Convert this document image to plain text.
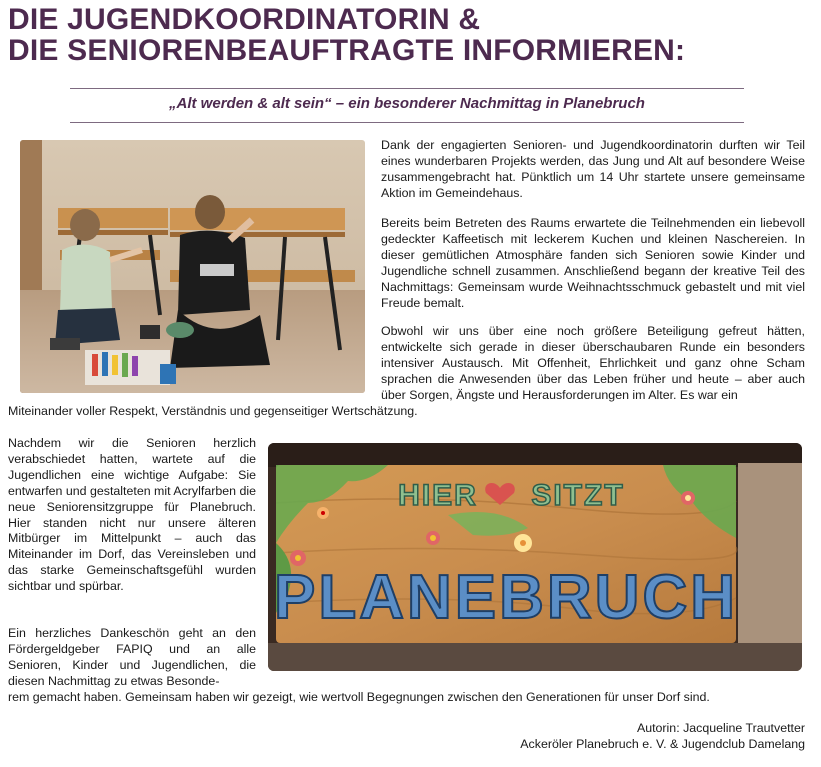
DIE JUGENDKOORDINATORIN &
DIE SENIORENBEAUFTRAGTE INFORMIEREN:
„Alt werden & alt sein“ – ein besonderer Nachmittag in Planebruch
Dank der engagierten Senioren- und Jugendkoordinatorin durften wir Teil eines wunderbaren Projekts werden, das Jung und Alt auf besondere Weise zusammengebracht hat. Pünktlich um 14 Uhr startete unsere gemeinsame Aktion im Gemeindehaus.
Bereits beim Betreten des Raums erwartete die Teilnehmenden ein liebevoll gedeckter Kaffeetisch mit leckerem Kuchen und kleinen Naschereien. In dieser gemütlichen Atmosphäre fanden sich Senioren sowie Kinder und Jugendliche schnell zusammen. Anschließend begann der kreative Teil des Nachmittags: Gemeinsam wurde Weihnachtsschmuck gebastelt und mit viel Freude bemalt.
Obwohl wir uns über eine noch größere Beteiligung gefreut hätten, entwickelte sich gerade in dieser überschaubaren Runde ein besonders intensiver Austausch. Mit Offenheit, Ehrlichkeit und ganz ohne Scham sprachen die Anwesenden über das Leben früher und heute – aber auch über Sorgen, Ängste und Herausforderungen im Alter. Es war ein
Miteinander voller Respekt, Verständnis und gegenseitiger Wertschätzung.
Nachdem wir die Senioren herzlich verabschiedet hatten, wartete auf die Jugendlichen eine wichtige Aufgabe: Sie entwarfen und gestalteten mit Acrylfarben die neue Seniorensitzgruppe für Planebruch. Hier standen nicht nur unsere älteren Mitbürger im Mittelpunkt – auch das Miteinander im Dorf, das Vereinsleben und das starke Gemeinschaftsgefühl wurden sichtbar und spürbar.
HIER SITZT
PLANEBRUCH
Ein herzliches Dankeschön geht an den Fördergeldgeber FAPIQ und an alle Senioren, Kinder und Jugendlichen, die diesen Nachmittag zu etwas Besonde-
rem gemacht haben. Gemeinsam haben wir gezeigt, wie wertvoll Begegnungen zwischen den Generationen für unser Dorf sind.
Autorin: Jacqueline Trautvetter
Ackeröler Planebruch e. V. & Jugendclub Damelang
